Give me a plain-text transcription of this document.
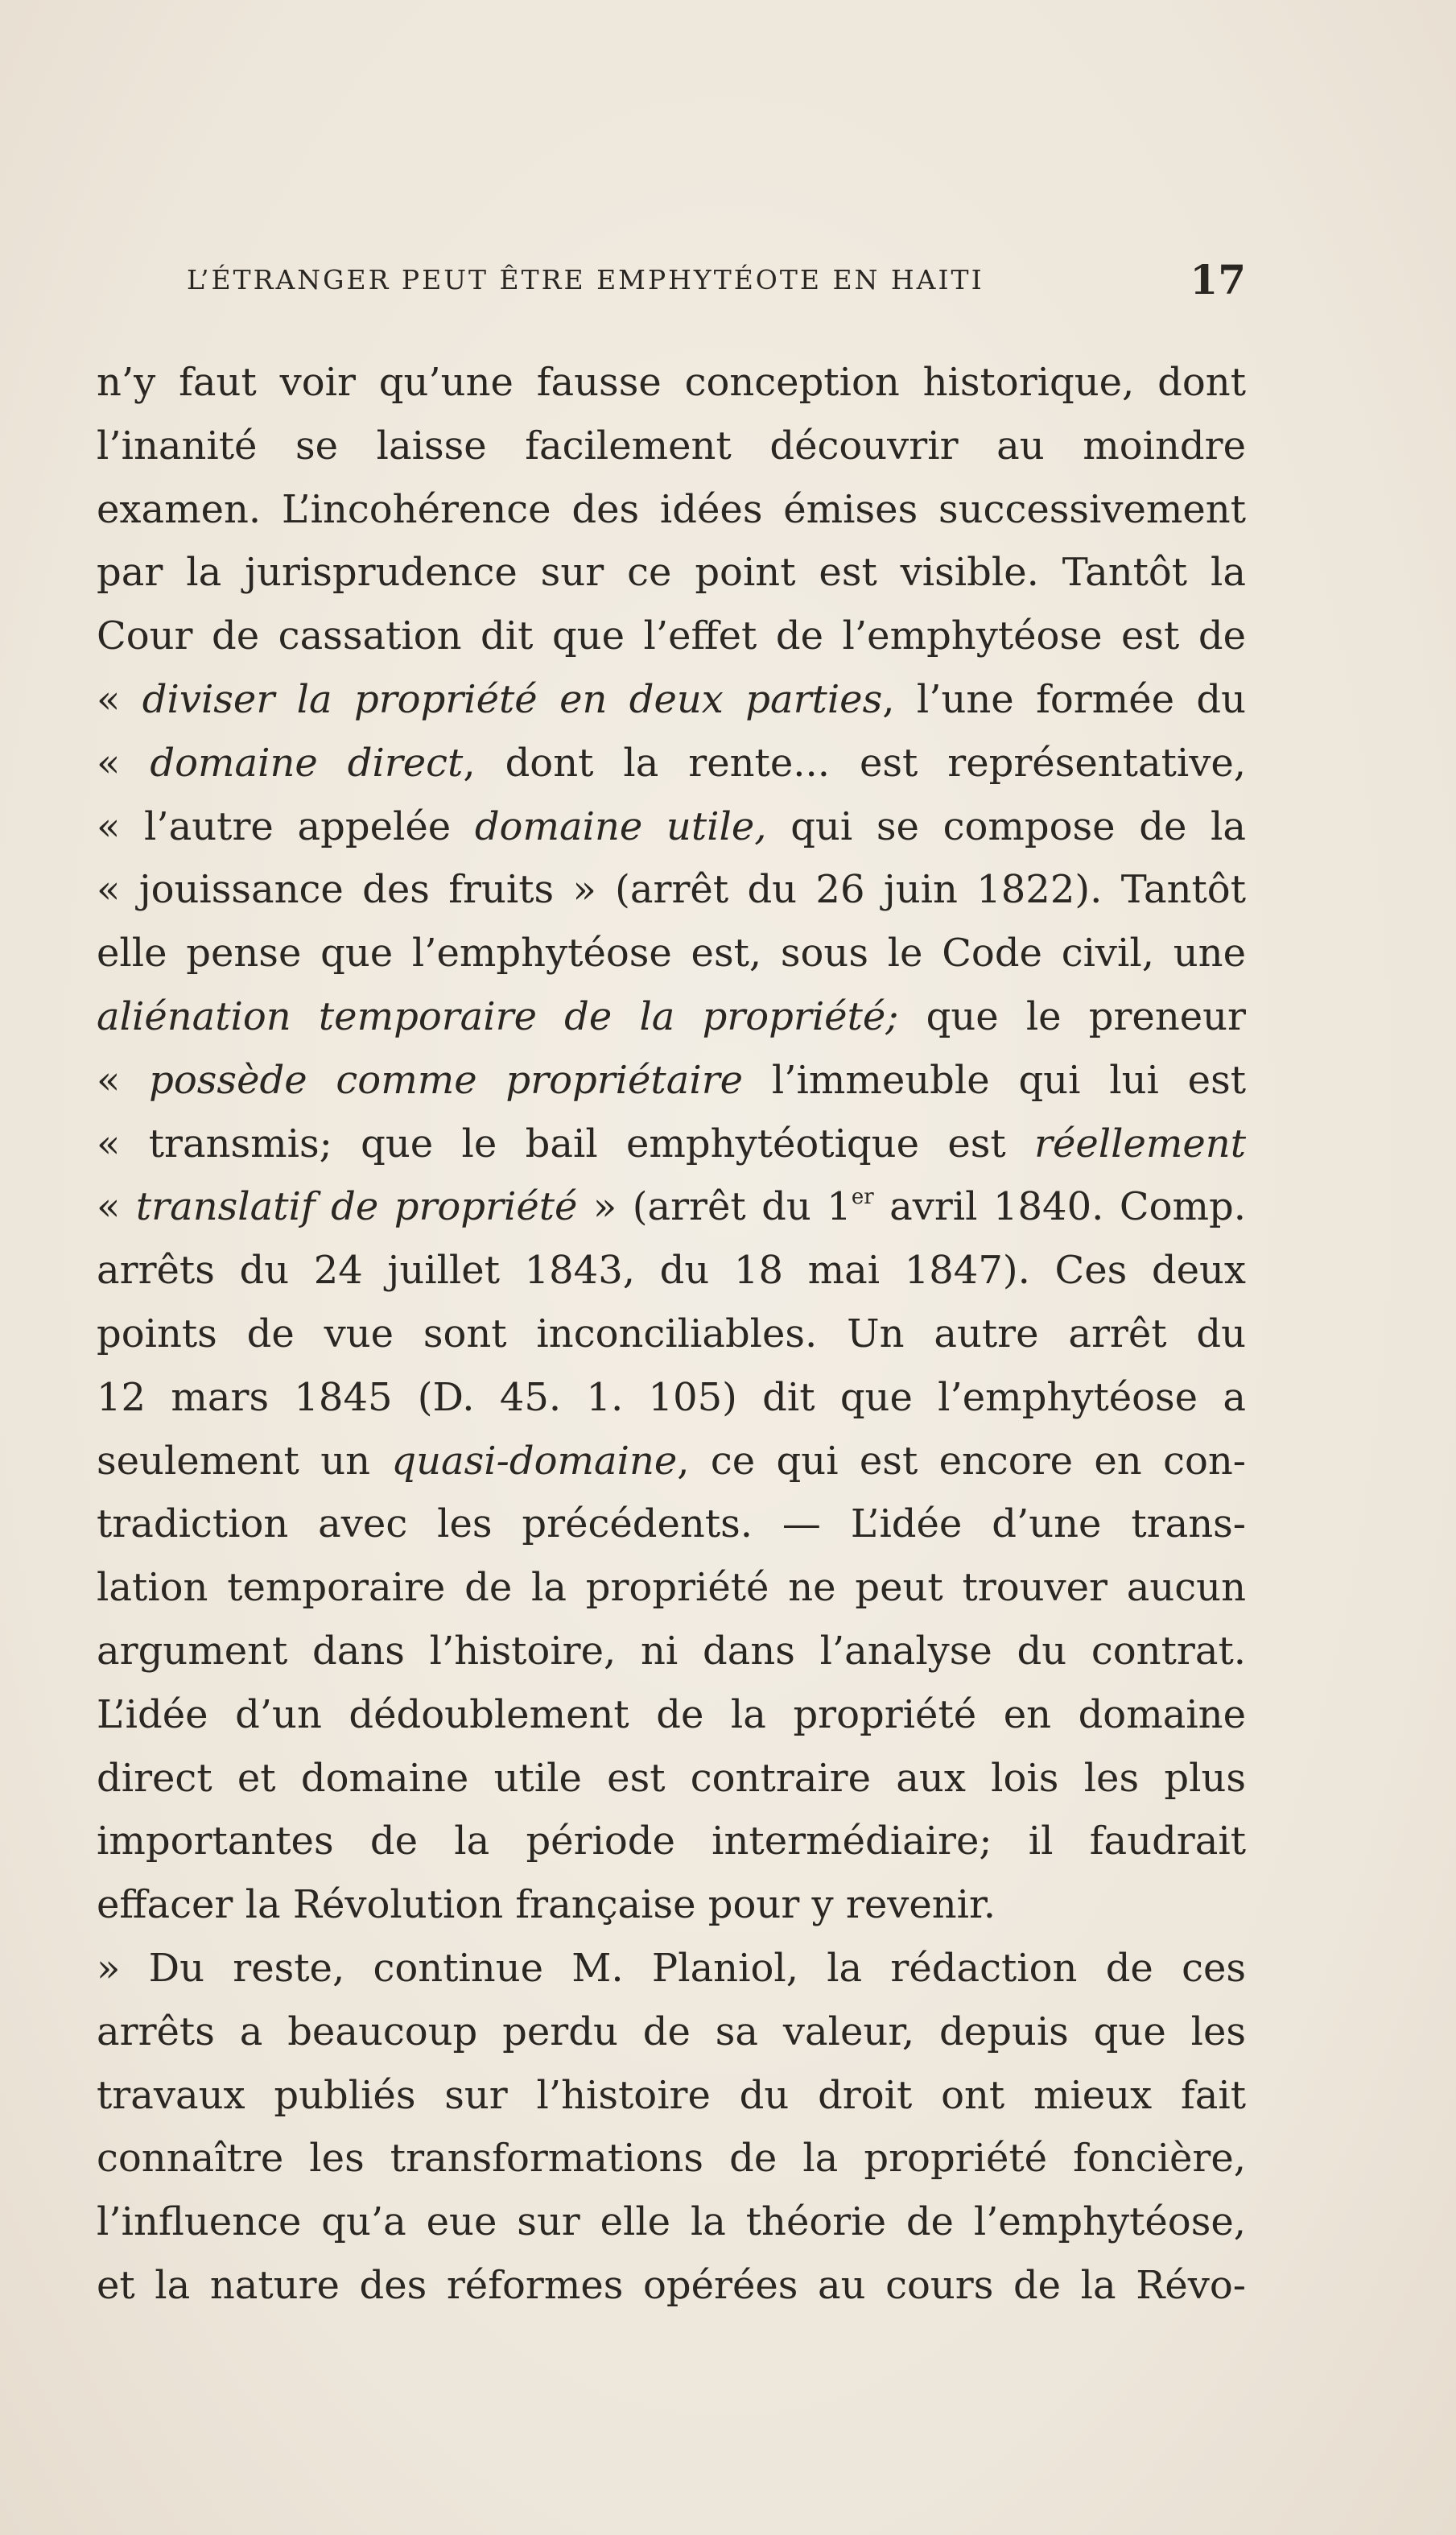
L’ÉTRANGER PEUT ÊTRE EMPHYTÉOTE EN HAITI	17
n’y faut voir qu’une fausse conception historique, dont
l’inanité se laisse facilement découvrir au moindre
examen. L’incohérence des idées émises successivement
par la jurisprudence sur ce point est visible. Tantôt la
Cour de cassation dit que l’effet de l’emphytéose est de
« diviser la propriété en deux parties, l’une formée du
« domaine direct, dont la rente... est représentative,
« l’autre appelée domaine utile, qui se compose de la
« jouissance des fruits » (arrêt du 26 juin 1822). Tantôt
elle pense que l’emphytéose est, sous le Code civil, une
aliénation temporaire de la propriété; que le preneur
« possède comme propriétaire l’immeuble qui lui est
« transmis; que le bail emphytéotique est réellement
« translatif de propriété » (arrêt du 1er avril 1840. Comp.
arrêts du 24 juillet 1843, du 18 mai 1847). Ces deux
points de vue sont inconciliables. Un autre arrêt du
12 mars 1845 (D. 45. 1. 105) dit que l’emphytéose a
seulement un quasi-domaine, ce qui est encore en con-
tradiction avec les précédents. — L’idée d’une trans-
lation temporaire de la propriété ne peut trouver aucun
argument dans l’histoire, ni dans l’analyse du contrat.
L’idée d’un dédoublement de la propriété en domaine
direct et domaine utile est contraire aux lois les plus
importantes de la période intermédiaire; il faudrait
effacer la Révolution française pour y revenir.
» Du reste, continue M. Planiol, la rédaction de ces
arrêts a beaucoup perdu de sa valeur, depuis que les
travaux publiés sur l’histoire du droit ont mieux fait
connaître les transformations de la propriété foncière,
l’influence qu’a eue sur elle la théorie de l’emphytéose,
et la nature des réformes opérées au cours de la Révo-
